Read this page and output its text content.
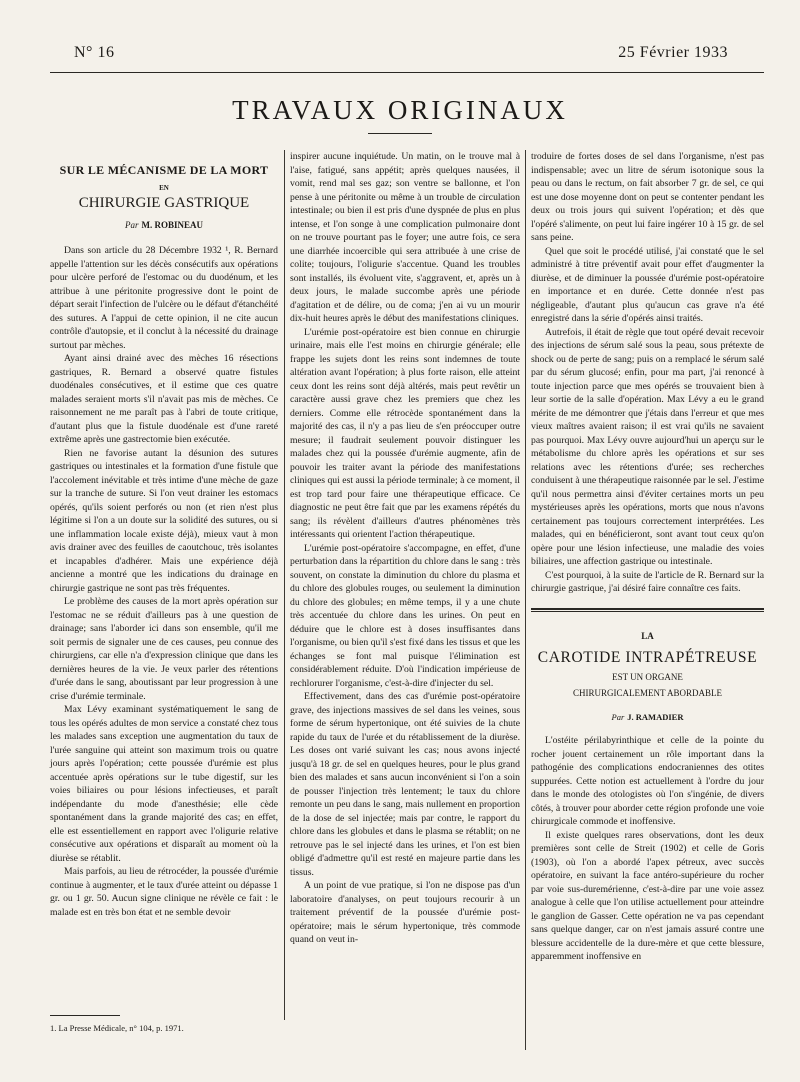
N° 16	25 Février 1933
TRAVAUX ORIGINAUX
SUR LE MÉCANISME DE LA MORT
EN
CHIRURGIE GASTRIQUE
Par M. ROBINEAU

Dans son article du 28 Décembre 1932 ¹, R. Bernard appelle l'attention sur les décès consécutifs aux opérations pour ulcère perforé de l'estomac ou du duodénum, et les attribue à une péritonite progressive dont le point de départ serait l'infection de l'ulcère ou le défaut d'étanchéité des sutures. A l'appui de cette opinion, il ne cite aucun contrôle d'autopsie, et il conclut à la nécessité du drainage surtout par mèches.

Ayant ainsi drainé avec des mèches 16 résections gastriques, R. Bernard a observé quatre fistules duodénales consécutives, et il estime que ces quatre malades seraient morts s'il n'avait pas mis de mèches. Ce raisonnement ne me paraît pas à l'abri de toute critique, d'autant plus que la fistule duodénale est d'une rareté extrême après une gastrectomie bien exécutée.

Rien ne favorise autant la désunion des sutures gastriques ou intestinales et la formation d'une fistule que l'accolement inévitable et très intime d'une mèche de gaze sur la tranche de suture. Si l'on veut drainer les estomacs opérés, qu'ils soient perforés ou non (et rien n'est plus légitime si l'on a un doute sur la solidité des sutures, ou si une inflammation locale existe déjà), mieux vaut à mon avis drainer avec des feuilles de caoutchouc, très isolantes et incapables d'adhérer. Mais une expérience déjà ancienne a montré que les indications du drainage en chirurgie gastrique ne sont pas très fréquentes.

Le problème des causes de la mort après opération sur l'estomac ne se réduit d'ailleurs pas à une question de drainage; sans l'aborder ici dans son ensemble, qu'il me soit permis de signaler une de ces causes, peu connue des chirurgiens, car elle n'a d'expression clinique que dans les dernières heures de la vie. Je veux parler des rétentions d'urée dans le sang, aboutissant par leur progression à une crise d'urémie terminale.

Max Lévy examinant systématiquement le sang de tous les opérés adultes de mon service a constaté chez tous les malades sans exception une augmentation du taux de l'urée sanguine qui atteint son maximum trois ou quatre jours après l'opération; cette poussée d'urémie est plus accentuée après opérations sur le tube digestif, sur les voies biliaires ou pour lésions infectieuses, et paraît indépendante du mode d'anesthésie; elle cède spontanément dans la grande majorité des cas; en effet, elle est essentiellement en rapport avec l'oligurie relative consécutive aux opérations et disparaît au moment où la diurèse se rétablit.

Mais parfois, au lieu de rétrocéder, la poussée d'urémie continue à augmenter, et le taux d'urée atteint ou dépasse 1 gr. ou 1 gr. 50. Aucun signe clinique ne révèle ce fait : le malade est en très bon état et ne semble devoir

1. La Presse Médicale, n° 104, p. 1971.

inspirer aucune inquiétude. Un matin, on le trouve mal à l'aise, fatigué, sans appétit; après quelques nausées, il vomit, rend mal ses gaz; son ventre se ballonne, et l'on pense à une péritonite ou même à un trouble de circulation intestinale; ou bien il est pris d'une dyspnée de plus en plus intense, et l'on songe à une complication pulmonaire dont on ne trouve pourtant pas le foyer; une autre fois, ce sera une diarrhée incoercible qui sera attribuée à une crise de colite; toujours, l'oligurie s'accentue. Quand les troubles sont installés, ils évoluent vite, s'aggravent, et, après un à deux jours, le malade succombe après une période d'agitation et de délire, ou de coma; j'en ai vu un mourir dix-huit heures après le début des manifestations cliniques.

L'urémie post-opératoire est bien connue en chirurgie urinaire, mais elle l'est moins en chirurgie générale; elle frappe les sujets dont les reins sont indemnes de toute altération avant l'opération; à plus forte raison, elle atteint ceux dont les reins sont déjà altérés, mais peut revêtir un caractère aussi grave chez les premiers que chez les derniers. Comme elle rétrocède spontanément dans la majorité des cas, il n'y a pas lieu de s'en préoccuper outre mesure; il faudrait seulement pouvoir distinguer les malades chez qui la poussée d'urémie augmente, afin de pouvoir les traiter avant la période des manifestations cliniques qui est aussi la période terminale; à ce moment, il est trop tard pour faire une thérapeutique efficace. Ce diagnostic ne peut être fait que par les examens répétés du sang; ils révèlent d'ailleurs d'autres phénomènes très intéressants qui orientent l'action thérapeutique.

L'urémie post-opératoire s'accompagne, en effet, d'une perturbation dans la répartition du chlore dans le sang : très souvent, on constate la diminution du chlore du plasma et du chlore des globules rouges, ou seulement la diminution du chlore des globules; en même temps, il y a une chute très accentuée du chlore dans les urines. On peut en déduire que le chlore est à doses insuffisantes dans l'organisme, ou bien qu'il s'est fixé dans les tissus et que les échanges se font mal puisque l'élimination est considérablement réduite. D'où l'indication impérieuse de rechlorurer l'organisme, c'est-à-dire d'injecter du sel.

Effectivement, dans des cas d'urémie post-opératoire grave, des injections massives de sel dans les veines, sous forme de sérum hypertonique, ont été suivies de la chute rapide du taux de l'urée et du rétablissement de la diurèse. Les doses ont varié suivant les cas; nous avons injecté jusqu'à 18 gr. de sel en quelques heures, pour le plus grand bien des malades et sans aucun inconvénient si l'on a soin de pousser l'injection très lentement; le taux du chlore remonte un peu dans le sang, mais nullement en proportion de la dose de sel injectée; mais par contre, le rapport du chlore dans les globules et dans le plasma se rétablit; on ne retrouve pas le sel injecté dans les urines, et l'on est bien obligé d'admettre qu'il est resté en majeure partie dans les tissus.

A un point de vue pratique, si l'on ne dispose pas d'un laboratoire d'analyses, on peut toujours recourir à un traitement préventif de la poussée d'urémie post-opératoire; mais le sérum hypertonique, très commode quand on veut in-

troduire de fortes doses de sel dans l'organisme, n'est pas indispensable; avec un litre de sérum isotonique sous la peau ou dans le rectum, on fait absorber 7 gr. de sel, ce qui est une dose moyenne dont on peut se contenter pendant les deux ou trois jours qui suivent l'opération; et dès que l'opéré s'alimente, on peut lui faire ingérer 10 à 15 gr. de sel sans peine.

Quel que soit le procédé utilisé, j'ai constaté que le sel administré à titre préventif avait pour effet d'augmenter la diurèse, et de diminuer la poussée d'urémie post-opératoire en importance et en durée. Cette donnée n'est pas négligeable, d'autant plus qu'aucun cas grave n'a été enregistré dans la série d'opérés ainsi traités.

Autrefois, il était de règle que tout opéré devait recevoir des injections de sérum salé sous la peau, sous prétexte de shock ou de perte de sang; puis on a remplacé le sérum salé par du sérum glucosé; enfin, pour ma part, j'ai renoncé à toute injection parce que mes opérés se trouvaient bien à leur sortie de la salle d'opération. Max Lévy a eu le grand mérite de me démontrer que j'étais dans l'erreur et que mes vieux maîtres avaient raison; il est vrai qu'ils ne savaient pas pourquoi. Max Lévy ouvre aujourd'hui un aperçu sur le métabolisme du chlore après les opérations et sur ses relations avec les rétentions d'urée; ses recherches conduisent à une thérapeutique raisonnée par le sel. J'estime qu'il nous permettra ainsi d'éviter certaines morts un peu mystérieuses après les opérations, morts que nous n'avons certainement pas toujours correctement interprétées. Les malades, qui en bénéficieront, sont avant tout ceux qu'on opère pour une lésion infectieuse, une maladie des voies biliaires, une affection gastrique ou intestinale.

C'est pourquoi, à la suite de l'article de R. Bernard sur la chirurgie gastrique, j'ai désiré faire connaître ces faits.

LA
CAROTIDE INTRAPÉTREUSE
EST UN ORGANE
CHIRURGICALEMENT ABORDABLE
Par J. RAMADIER

L'ostéite périlabyrinthique et celle de la pointe du rocher jouent certainement un rôle important dans la pathogénie des complications endocraniennes des otites suppurées. Cette notion est actuellement à l'ordre du jour dans le monde des otologistes où l'on s'ingénie, de divers côtés, à trouver pour aborder cette région profonde une voie chirurgicale commode et inoffensive.

Il existe quelques rares observations, dont les deux premières sont celle de Streit (1902) et celle de Goris (1903), où l'on a abordé l'apex pétreux, avec succès opératoire, en suivant la face antéro-supérieure du rocher par voie sus-duremérienne, c'est-à-dire par une voie assez analogue à celle que l'on utilise actuellement pour atteindre le ganglion de Gasser. Cette opération ne va pas cependant sans quelque danger, car on n'est jamais assuré contre une blessure accidentelle de la dure-mère et que cette blessure, apparemment inoffensive en
